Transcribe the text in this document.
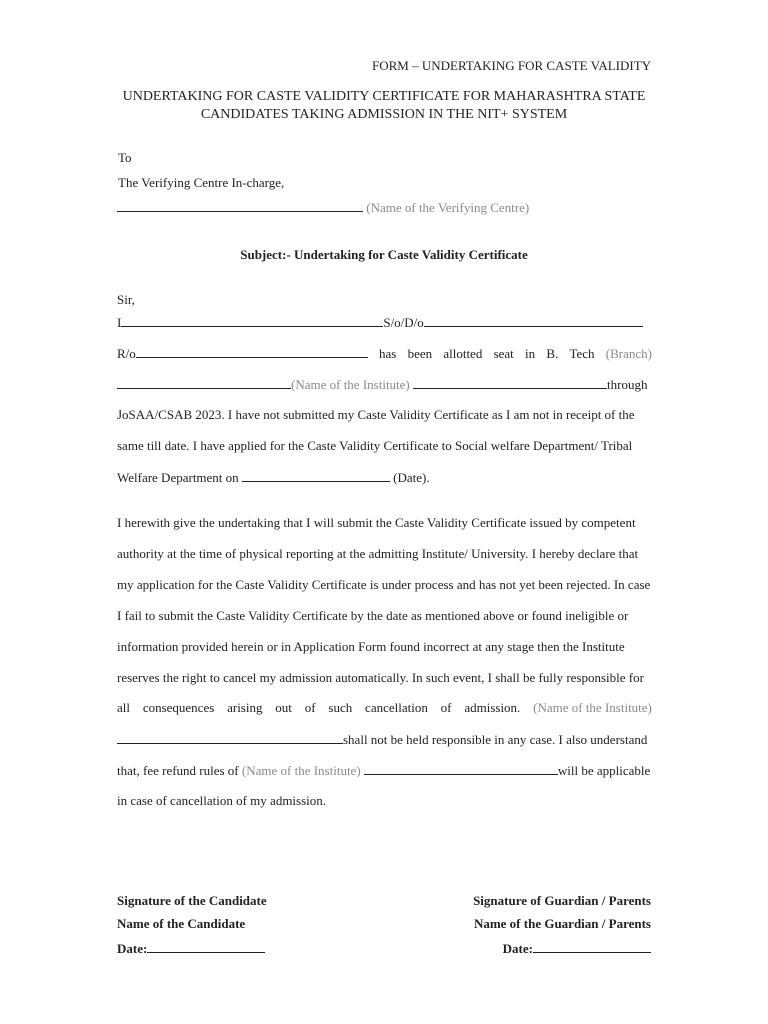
FORM – UNDERTAKING FOR CASTE VALIDITY
UNDERTAKING FOR CASTE VALIDITY CERTIFICATE FOR MAHARASHTRA STATE
CANDIDATES TAKING ADMISSION IN THE NIT+ SYSTEM
To
The Verifying Centre In-charge,
(Name of the Verifying Centre)
Subject:- Undertaking for Caste Validity Certificate
Sir,
I	S/o/D/o
R/o	has been allotted seat in B. Tech (Branch)
(Name of the Institute)	through
JoSAA/CSAB 2023. I have not submitted my Caste Validity Certificate as I am not in receipt of the
same till date. I have applied for the Caste Validity Certificate to Social welfare Department/ Tribal
Welfare Department on	(Date).
I herewith give the undertaking that I will submit the Caste Validity Certificate issued by competent
authority at the time of physical reporting at the admitting Institute/ University. I hereby declare that
my application for the Caste Validity Certificate is under process and has not yet been rejected. In case
I fail to submit the Caste Validity Certificate by the date as mentioned above or found ineligible or
information provided herein or in Application Form found incorrect at any stage then the Institute
reserves the right to cancel my admission automatically. In such event, I shall be fully responsible for
all consequences arising out of such cancellation of admission. (Name of the Institute)
shall not be held responsible in any case. I also understand
that, fee refund rules of (Name of the Institute)	will be applicable
in case of cancellation of my admission.
Signature of the Candidate
Name of the Candidate
Date:
Signature of Guardian / Parents
Name of the Guardian / Parents
Date:
